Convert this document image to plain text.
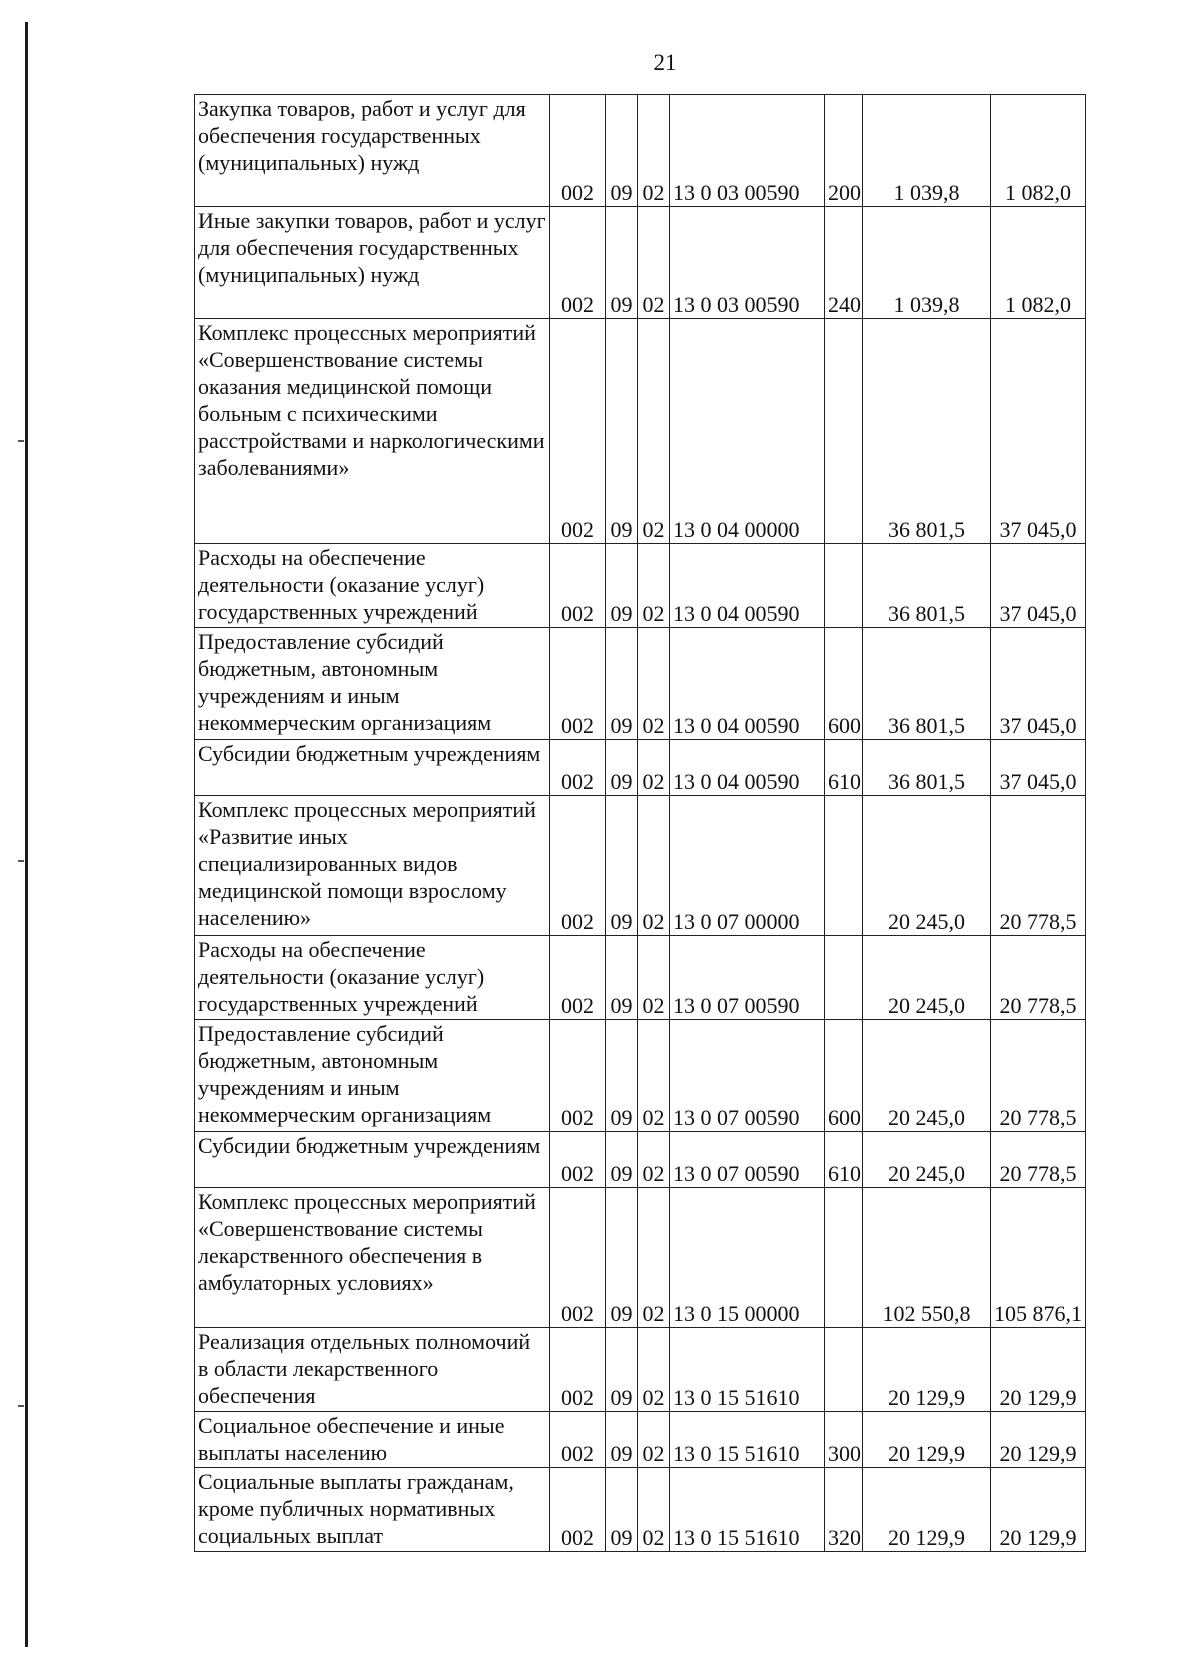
21
Закупка товаров, работ и услуг для обеспечения государственных (муниципальных) нужд	002	09	02	13 0 03 00590	200	1 039,8	1 082,0
Иные закупки товаров, работ и услуг для обеспечения государственных (муниципальных) нужд	002	09	02	13 0 03 00590	240	1 039,8	1 082,0
Комплекс процессных мероприятий «Совершенствование системы оказания медицинской помощи больным с психическими расстройствами и наркологическими заболеваниями»	002	09	02	13 0 04 00000		36 801,5	37 045,0
Расходы на обеспечение деятельности (оказание услуг) государственных учреждений	002	09	02	13 0 04 00590		36 801,5	37 045,0
Предоставление субсидий бюджетным, автономным учреждениям и иным некоммерческим организациям	002	09	02	13 0 04 00590	600	36 801,5	37 045,0
Субсидии бюджетным учреждениям	002	09	02	13 0 04 00590	610	36 801,5	37 045,0
Комплекс процессных мероприятий «Развитие иных специализированных видов медицинской помощи взрослому населению»	002	09	02	13 0 07 00000		20 245,0	20 778,5
Расходы на обеспечение деятельности (оказание услуг) государственных учреждений	002	09	02	13 0 07 00590		20 245,0	20 778,5
Предоставление субсидий бюджетным, автономным учреждениям и иным некоммерческим организациям	002	09	02	13 0 07 00590	600	20 245,0	20 778,5
Субсидии бюджетным учреждениям	002	09	02	13 0 07 00590	610	20 245,0	20 778,5
Комплекс процессных мероприятий «Совершенствование системы лекарственного обеспечения в амбулаторных условиях»	002	09	02	13 0 15 00000		102 550,8	105 876,1
Реализация отдельных полномочий в области лекарственного обеспечения	002	09	02	13 0 15 51610		20 129,9	20 129,9
Социальное обеспечение и иные выплаты населению	002	09	02	13 0 15 51610	300	20 129,9	20 129,9
Социальные выплаты гражданам, кроме публичных нормативных социальных выплат	002	09	02	13 0 15 51610	320	20 129,9	20 129,9
